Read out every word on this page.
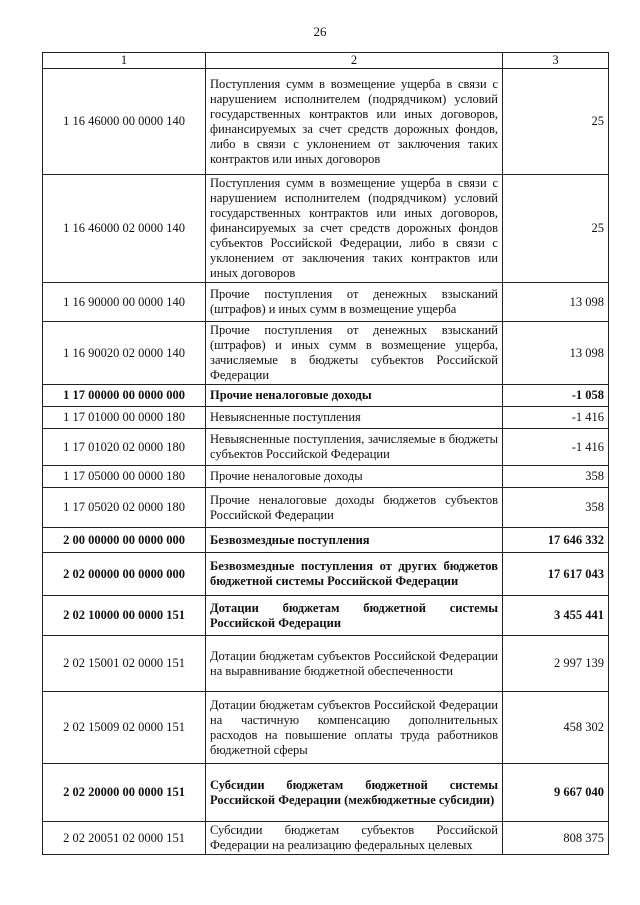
26
1	2	3
1 16 46000 00 0000 140	Поступления сумм в возмещение ущерба в связи с нарушением исполнителем (подрядчиком) условий государственных контрактов или иных договоров, финансируемых за счет средств дорожных фондов, либо в связи с уклонением от заключения таких контрактов или иных договоров	25
1 16 46000 02 0000 140	Поступления сумм в возмещение ущерба в связи с нарушением исполнителем (подрядчиком) условий государственных контрактов или иных договоров, финансируемых за счет средств дорожных фондов субъектов Российской Федерации, либо в связи с уклонением от заключения таких контрактов или иных договоров	25
1 16 90000 00 0000 140	Прочие поступления от денежных взысканий (штрафов) и иных сумм в возмещение ущерба	13 098
1 16 90020 02 0000 140	Прочие поступления от денежных взысканий (штрафов) и иных сумм в возмещение ущерба, зачисляемые в бюджеты субъектов Российской Федерации	13 098
1 17 00000 00 0000 000	Прочие неналоговые доходы	-1 058
1 17 01000 00 0000 180	Невыясненные поступления	-1 416
1 17 01020 02 0000 180	Невыясненные поступления, зачисляемые в бюджеты субъектов Российской Федерации	-1 416
1 17 05000 00 0000 180	Прочие неналоговые доходы	358
1 17 05020 02 0000 180	Прочие неналоговые доходы бюджетов субъектов Российской Федерации	358
2 00 00000 00 0000 000	Безвозмездные поступления	17 646 332
2 02 00000 00 0000 000	Безвозмездные поступления от других бюджетов бюджетной системы Российской Федерации	17 617 043
2 02 10000 00 0000 151	Дотации бюджетам бюджетной системы Российской Федерации	3 455 441
2 02 15001 02 0000 151	Дотации бюджетам субъектов Российской Федерации на выравнивание бюджетной обеспеченности	2 997 139
2 02 15009 02 0000 151	Дотации бюджетам субъектов Российской Федерации на частичную компенсацию дополнительных расходов на повышение оплаты труда работников бюджетной сферы	458 302
2 02 20000 00 0000 151	Субсидии бюджетам бюджетной системы Российской Федерации (межбюджетные субсидии)	9 667 040
2 02 20051 02 0000 151	Субсидии бюджетам субъектов Российской Федерации на реализацию федеральных целевых	808 375
